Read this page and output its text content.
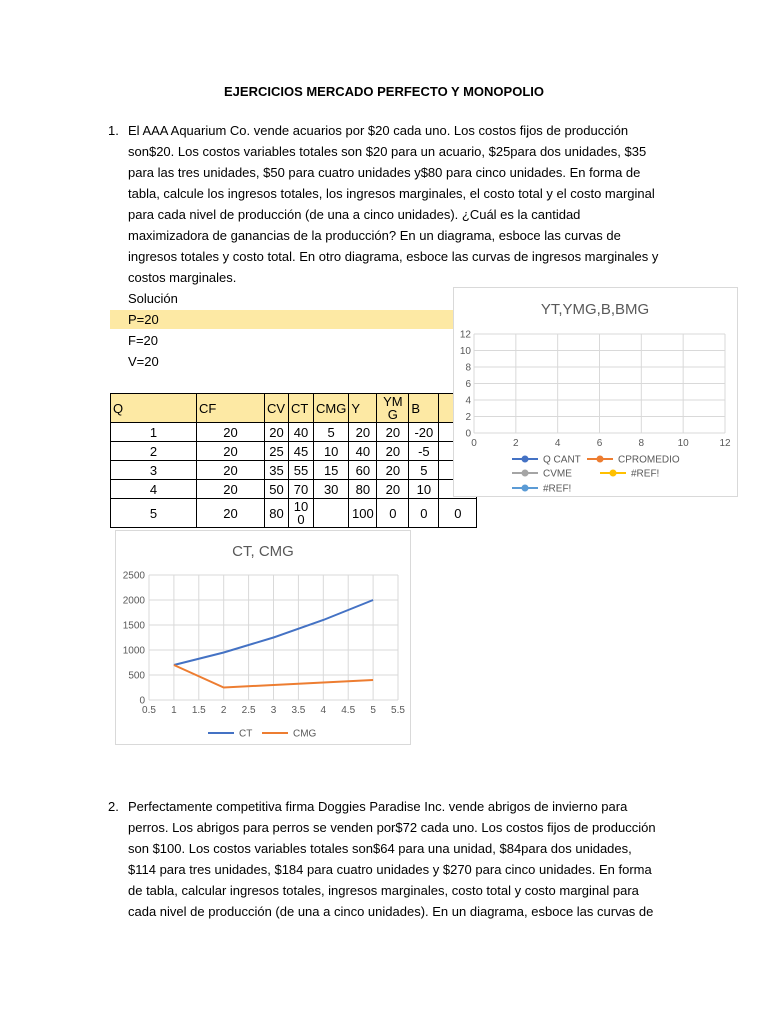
EJERCICIOS MERCADO PERFECTO Y MONOPOLIO
1. El AAA Aquarium Co. vende acuarios por $20 cada uno. Los costos fijos de producción
son$20. Los costos variables totales son $20 para un acuario, $25para dos unidades, $35
para las tres unidades, $50 para cuatro unidades y$80 para cinco unidades. En forma de
tabla, calcule los ingresos totales, los ingresos marginales, el costo total y el costo marginal
para cada nivel de producción (de una a cinco unidades). ¿Cuál es la cantidad
maximizadora de ganancias de la producción? En un diagrama, esboce las curvas de
ingresos totales y costo total. En otro diagrama, esboce las curvas de ingresos marginales y
costos marginales.
Solución
P=20
F=20
V=20
Q	CF	CV	CT	CMG	Y	YMG	B	
1	20	20	40	5	20	20	-20	
2	20	25	45	10	40	20	-5	
3	20	35	55	15	60	20	5	
4	20	50	70	30	80	20	10	
5	20	80	100		100	0	0	0
YT,YMG,B,BMG
0
2
4
6
8
10
12
0	2	4	6	8	10	12
Q CANT	CPROMEDIO
CVME	#REF!
#REF!
CT, CMG
0
500
1000
1500
2000
2500
0.5 1 1.5 2 2.5 3 3.5 4 4.5 5 5.5
CT	CMG
2. Perfectamente competitiva firma Doggies Paradise Inc. vende abrigos de invierno para
perros. Los abrigos para perros se venden por$72 cada uno. Los costos fijos de producción
son $100. Los costos variables totales son$64 para una unidad, $84para dos unidades,
$114 para tres unidades, $184 para cuatro unidades y $270 para cinco unidades. En forma
de tabla, calcular ingresos totales, ingresos marginales, costo total y costo marginal para
cada nivel de producción (de una a cinco unidades). En un diagrama, esboce las curvas de
